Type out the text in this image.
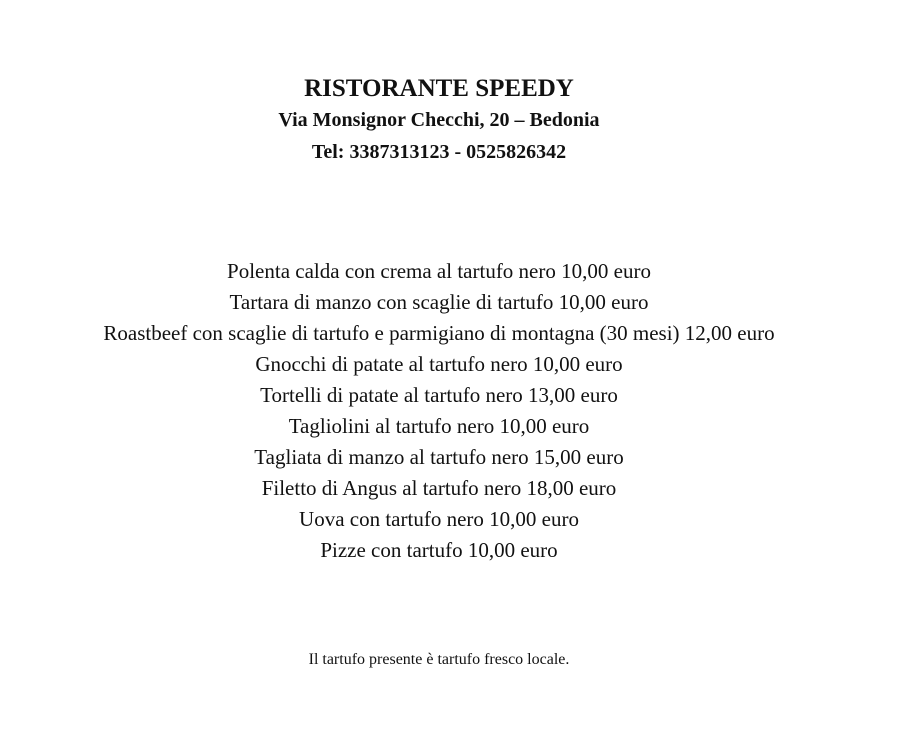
RISTORANTE SPEEDY

Via Monsignor Checchi, 20 – Bedonia

Tel: 3387313123 - 0525826342

Polenta calda con crema al tartufo nero 10,00 euro
Tartara di manzo con scaglie di tartufo 10,00 euro
Roastbeef con scaglie di tartufo e parmigiano di montagna (30 mesi) 12,00 euro
Gnocchi di patate al tartufo nero 10,00 euro
Tortelli di patate al tartufo nero 13,00 euro
Tagliolini al tartufo nero 10,00 euro
Tagliata di manzo al tartufo nero 15,00 euro
Filetto di Angus al tartufo nero 18,00 euro
Uova con tartufo nero 10,00 euro
Pizze con tartufo 10,00 euro
Il tartufo presente è tartufo fresco locale.
